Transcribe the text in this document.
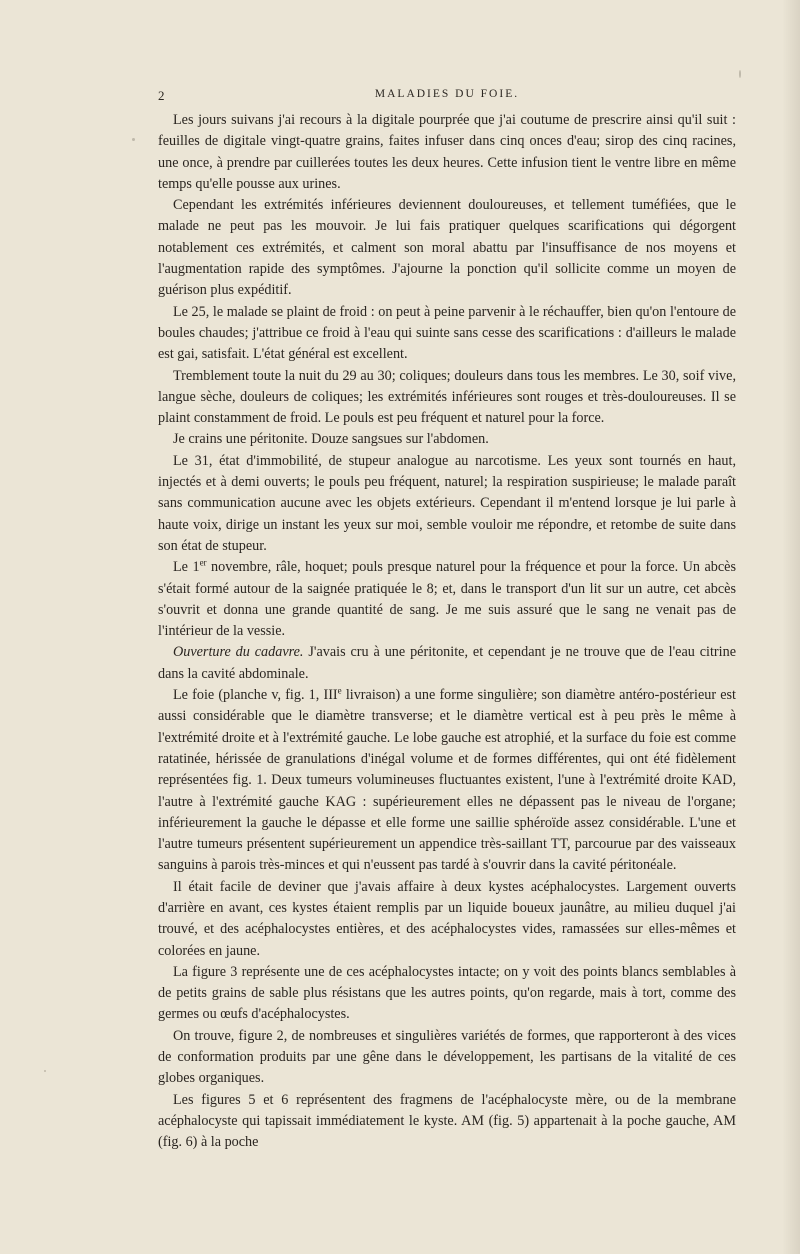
2	MALADIES DU FOIE.

Les jours suivans j'ai recours à la digitale pourprée que j'ai coutume de prescrire ainsi qu'il suit : feuilles de digitale vingt-quatre grains, faites infuser dans cinq onces d'eau; sirop des cinq racines, une once, à prendre par cuillerées toutes les deux heures. Cette infusion tient le ventre libre en même temps qu'elle pousse aux urines.

Cependant les extrémités inférieures deviennent douloureuses, et tellement tuméfiées, que le malade ne peut pas les mouvoir. Je lui fais pratiquer quelques scarifications qui dégorgent notablement ces extrémités, et calment son moral abattu par l'insuffisance de nos moyens et l'augmentation rapide des symptômes. J'ajourne la ponction qu'il sollicite comme un moyen de guérison plus expéditif.

Le 25, le malade se plaint de froid : on peut à peine parvenir à le réchauffer, bien qu'on l'entoure de boules chaudes; j'attribue ce froid à l'eau qui suinte sans cesse des scarifications : d'ailleurs le malade est gai, satisfait. L'état général est excellent.

Tremblement toute la nuit du 29 au 30; coliques; douleurs dans tous les membres. Le 30, soif vive, langue sèche, douleurs de coliques; les extrémités inférieures sont rouges et très-douloureuses. Il se plaint constamment de froid. Le pouls est peu fréquent et naturel pour la force.

Je crains une péritonite. Douze sangsues sur l'abdomen.

Le 31, état d'immobilité, de stupeur analogue au narcotisme. Les yeux sont tournés en haut, injectés et à demi ouverts; le pouls peu fréquent, naturel; la respiration suspirieuse; le malade paraît sans communication aucune avec les objets extérieurs. Cependant il m'entend lorsque je lui parle à haute voix, dirige un instant les yeux sur moi, semble vouloir me répondre, et retombe de suite dans son état de stupeur.

Le 1er novembre, râle, hoquet; pouls presque naturel pour la fréquence et pour la force. Un abcès s'était formé autour de la saignée pratiquée le 8; et, dans le transport d'un lit sur un autre, cet abcès s'ouvrit et donna une grande quantité de sang. Je me suis assuré que le sang ne venait pas de l'intérieur de la vessie.

Ouverture du cadavre. J'avais cru à une péritonite, et cependant je ne trouve que de l'eau citrine dans la cavité abdominale.

Le foie (planche v, fig. 1, IIIe livraison) a une forme singulière; son diamètre antéro-postérieur est aussi considérable que le diamètre transverse; et le diamètre vertical est à peu près le même à l'extrémité droite et à l'extrémité gauche. Le lobe gauche est atrophié, et la surface du foie est comme ratatinée, hérissée de granulations d'inégal volume et de formes différentes, qui ont été fidèlement représentées fig. 1. Deux tumeurs volumineuses fluctuantes existent, l'une à l'extrémité droite KAD, l'autre à l'extrémité gauche KAG : supérieurement elles ne dépassent pas le niveau de l'organe; inférieurement la gauche le dépasse et elle forme une saillie sphéroïde assez considérable. L'une et l'autre tumeurs présentent supérieurement un appendice très-saillant TT, parcourue par des vaisseaux sanguins à parois très-minces et qui n'eussent pas tardé à s'ouvrir dans la cavité péritonéale.

Il était facile de deviner que j'avais affaire à deux kystes acéphalocystes. Largement ouverts d'arrière en avant, ces kystes étaient remplis par un liquide boueux jaunâtre, au milieu duquel j'ai trouvé, et des acéphalocystes entières, et des acéphalocystes vides, ramassées sur elles-mêmes et colorées en jaune.

La figure 3 représente une de ces acéphalocystes intacte; on y voit des points blancs semblables à de petits grains de sable plus résistans que les autres points, qu'on regarde, mais à tort, comme des germes ou œufs d'acéphalocystes.

On trouve, figure 2, de nombreuses et singulières variétés de formes, que rapporteront à des vices de conformation produits par une gêne dans le développement, les partisans de la vitalité de ces globes organiques.

Les figures 5 et 6 représentent des fragmens de l'acéphalocyste mère, ou de la membrane acéphalocyste qui tapissait immédiatement le kyste. AM (fig. 5) appartenait à la poche gauche, AM (fig. 6) à la poche
